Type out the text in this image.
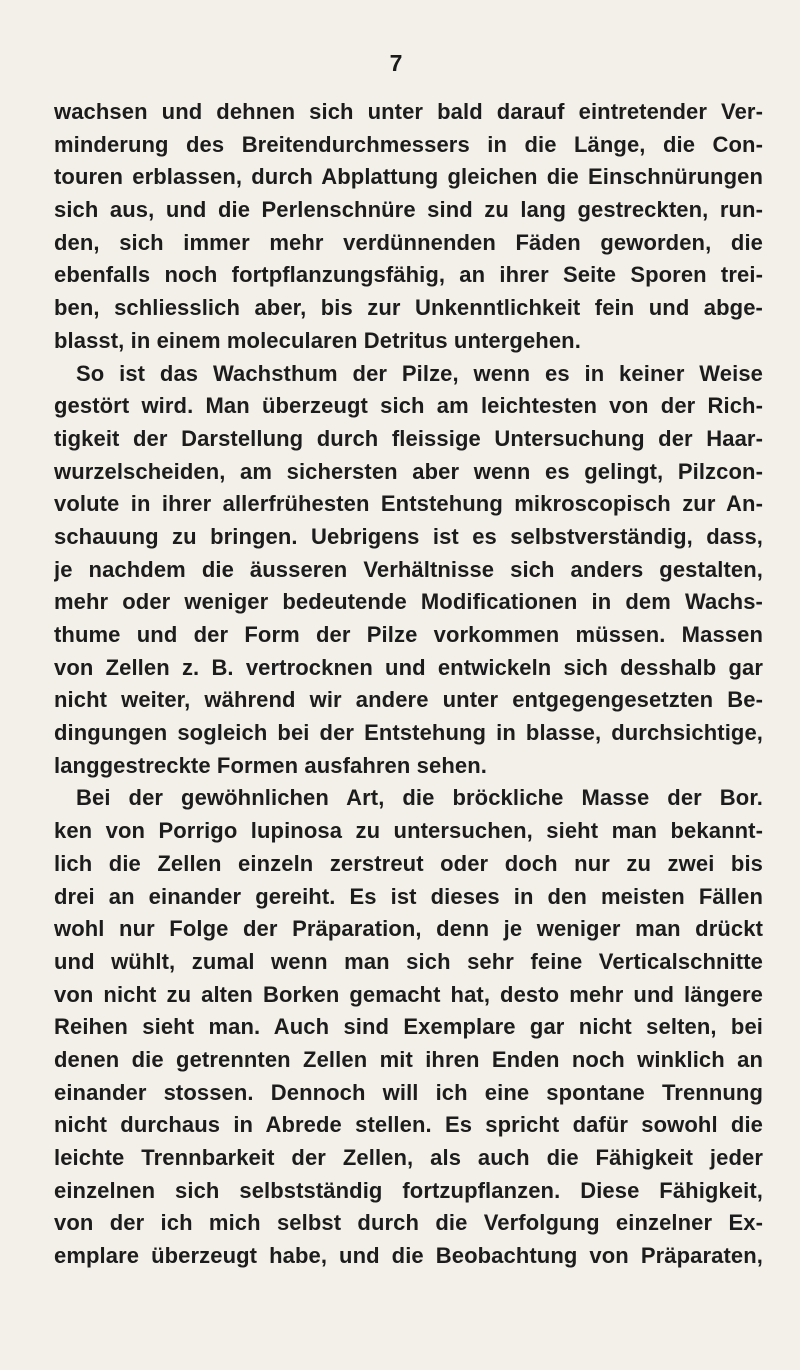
7
wachsen und dehnen sich unter bald darauf eintretender Ver-
minderung des Breitendurchmessers in die Länge, die Con-
touren erblassen, durch Abplattung gleichen die Einschnürungen
sich aus, und die Perlenschnüre sind zu lang gestreckten, run-
den, sich immer mehr verdünnenden Fäden geworden, die
ebenfalls noch fortpflanzungsfähig, an ihrer Seite Sporen trei-
ben, schliesslich aber, bis zur Unkenntlichkeit fein und abge-
blasst, in einem molecularen Detritus untergehen.
So ist das Wachsthum der Pilze, wenn es in keiner Weise
gestört wird. Man überzeugt sich am leichtesten von der Rich-
tigkeit der Darstellung durch fleissige Untersuchung der Haar-
wurzelscheiden, am sichersten aber wenn es gelingt, Pilzcon-
volute in ihrer allerfrühesten Entstehung mikroscopisch zur An-
schauung zu bringen. Uebrigens ist es selbstverständig, dass,
je nachdem die äusseren Verhältnisse sich anders gestalten,
mehr oder weniger bedeutende Modificationen in dem Wachs-
thume und der Form der Pilze vorkommen müssen. Massen
von Zellen z. B. vertrocknen und entwickeln sich desshalb gar
nicht weiter, während wir andere unter entgegengesetzten Be-
dingungen sogleich bei der Entstehung in blasse, durchsichtige,
langgestreckte Formen ausfahren sehen.
Bei der gewöhnlichen Art, die bröckliche Masse der Bor.
ken von Porrigo lupinosa zu untersuchen, sieht man bekannt-
lich die Zellen einzeln zerstreut oder doch nur zu zwei bis
drei an einander gereiht. Es ist dieses in den meisten Fällen
wohl nur Folge der Präparation, denn je weniger man drückt
und wühlt, zumal wenn man sich sehr feine Verticalschnitte
von nicht zu alten Borken gemacht hat, desto mehr und längere
Reihen sieht man. Auch sind Exemplare gar nicht selten, bei
denen die getrennten Zellen mit ihren Enden noch winklich an
einander stossen. Dennoch will ich eine spontane Trennung
nicht durchaus in Abrede stellen. Es spricht dafür sowohl die
leichte Trennbarkeit der Zellen, als auch die Fähigkeit jeder
einzelnen sich selbstständig fortzupflanzen. Diese Fähigkeit,
von der ich mich selbst durch die Verfolgung einzelner Ex-
emplare überzeugt habe, und die Beobachtung von Präparaten,
